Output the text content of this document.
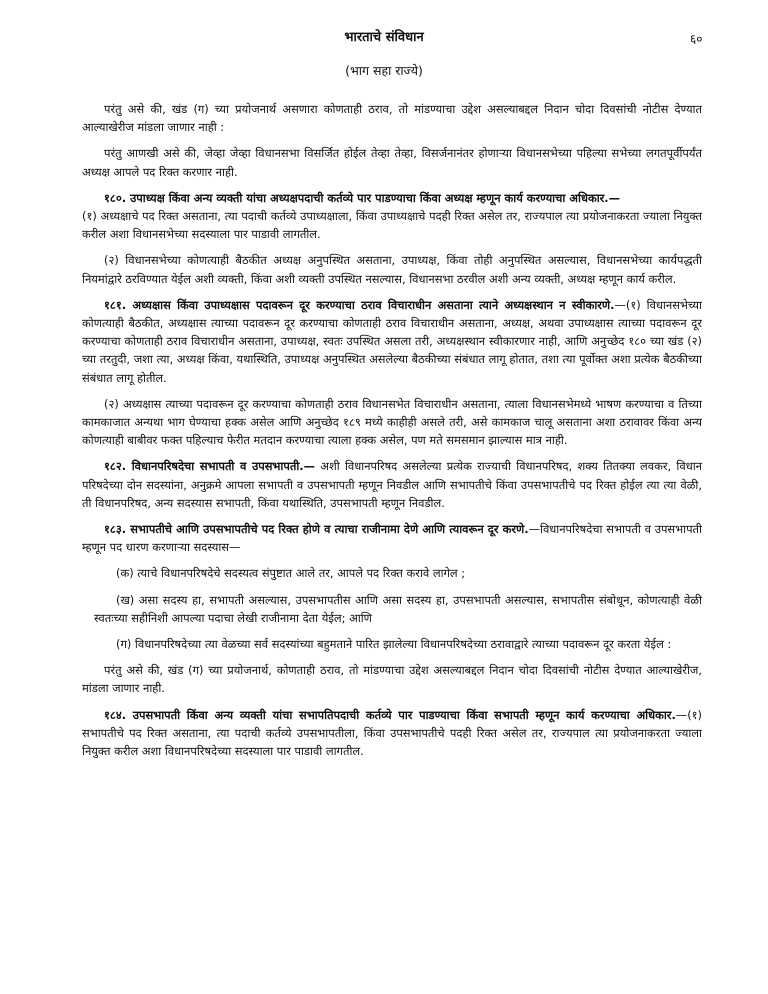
भारताचे संविधान	६०
(भाग सहा राज्ये)

परंतु असे की, खंड (ग) च्या प्रयोजनार्थ असणारा कोणताही ठराव, तो मांडण्याचा उद्देश असल्याबद्दल निदान चोदा दिवसांची नोटीस देण्यात आल्याखेरीज मांडला जाणार नाही :

परंतु आणखी असे की, जेव्हा जेव्हा विधानसभा विसर्जित होईल तेव्हा तेव्हा, विसर्जनानंतर होणाऱ्या विधानसभेच्या पहिल्या सभेच्या लगतपूर्वीपर्यंत अध्यक्ष आपले पद रिक्त करणार नाही.

१८०. उपाध्यक्ष किंवा अन्य व्यक्ती यांचा अध्यक्षपदाची कर्तव्ये पार पाडण्याचा किंवा अध्यक्ष म्हणून कार्य करण्याचा अधिकार.—
(१) अध्यक्षाचे पद रिक्त असताना, त्या पदाची कर्तव्ये उपाध्यक्षाला, किंवा उपाध्यक्षाचे पदही रिक्त असेल तर, राज्यपाल त्या प्रयोजनाकरता ज्याला नियुक्त करील अशा विधानसभेच्या सदस्याला पार पाडावी लागतील.

(२) विधानसभेच्या कोणत्याही बैठकीत अध्यक्ष अनुपस्थित असताना, उपाध्यक्ष, किंवा तोही अनुपस्थित असल्यास, विधानसभेच्या कार्यपद्धती नियमांद्वारे ठरविण्यात येईल अशी व्यक्ती, किंवा अशी व्यक्ती उपस्थित नसल्यास, विधानसभा ठरवील अशी अन्य व्यक्ती, अध्यक्ष म्हणून कार्य करील.

१८१. अध्यक्षास किंवा उपाध्यक्षास पदावरून दूर करण्याचा ठराव विचाराधीन असताना त्याने अध्यक्षस्थान न स्वीकारणे.—(१) विधानसभेच्या कोणत्याही बैठकीत, अध्यक्षास त्याच्या पदावरून दूर करण्याचा कोणताही ठराव विचाराधीन असताना, अध्यक्ष, अथवा उपाध्यक्षास त्याच्या पदावरून दूर करण्याचा कोणताही ठराव विचाराधीन असताना, उपाध्यक्ष, स्वतः उपस्थित असला तरी, अध्यक्षस्थान स्वीकारणार नाही, आणि अनुच्छेद १८० च्या खंड (२) च्या तरतुदी, जशा त्या, अध्यक्ष किंवा, यथास्थिति, उपाध्यक्ष अनुपस्थित असलेल्या बैठकीच्या संबंधात लागू होतात, तशा त्या पूर्वोक्त अशा प्रत्येक बैठकीच्या संबंधात लागू होतील.

(२) अध्यक्षास त्याच्या पदावरून दूर करण्याचा कोणताही ठराव विधानसभेत विचाराधीन असताना, त्याला विधानसभेमध्ये भाषण करण्याचा व तिच्या कामकाजात अन्यथा भाग घेण्याचा हक्क असेल आणि अनुच्छेद १८९ मध्ये काहीही असले तरी, असे कामकाज चालू असताना अशा ठरावावर किंवा अन्य कोणत्याही बाबीवर फक्त पहिल्याच फेरीत मतदान करण्याचा त्याला हक्क असेल, पण मते समसमान झाल्यास मात्र नाही.

१८२. विधानपरिषदेचा सभापती व उपसभापती.— अशी विधानपरिषद असलेल्या प्रत्येक राज्याची विधानपरिषद, शक्य तितक्या लवकर, विधान परिषदेच्या दोन सदस्यांना, अनुक्रमे आपला सभापती व उपसभापती म्हणून निवडील आणि सभापतीचे किंवा उपसभापतीचे पद रिक्त होईल त्या त्या वेळी, ती विधानपरिषद, अन्य सदस्यास सभापती, किंवा यथास्थिति, उपसभापती म्हणून निवडील.

१८३. सभापतीचे आणि उपसभापतीचे पद रिक्त होणे व त्याचा राजीनामा देणे आणि त्यावरून दूर करणे.—विधानपरिषदेचा सभापती व उपसभापती म्हणून पद धारण करणाऱ्या सदस्यास—

(क) त्याचे विधानपरिषदेचे सदस्यत्व संपुष्टात आले तर, आपले पद रिक्त करावे लागेल ;

(ख) असा सदस्य हा, सभापती असल्यास, उपसभापतीस आणि असा सदस्य हा, उपसभापती असल्यास, सभापतीस संबोधून, कोणत्याही वेळी स्वतःच्या सहीनिशी आपल्या पदाचा लेखी राजीनामा देता येईल; आणि

(ग) विधानपरिषदेच्या त्या वेळच्या सर्व सदस्यांच्या बहुमताने पारित झालेल्या विधानपरिषदेच्या ठरावाद्वारे त्याच्या पदावरून दूर करता येईल :

परंतु असे की, खंड (ग) च्या प्रयोजनार्थ, कोणताही ठराव, तो मांडण्याचा उद्देश असल्याबद्दल निदान चोदा दिवसांची नोटीस देण्यात आल्याखेरीज, मांडला जाणार नाही.

१८४. उपसभापती किंवा अन्य व्यक्ती यांचा सभापतिपदाची कर्तव्ये पार पाडण्याचा किंवा सभापती म्हणून कार्य करण्याचा अधिकार.—(१) सभापतीचे पद रिक्त असताना, त्या पदाची कर्तव्ये उपसभापतीला, किंवा उपसभापतीचे पदही रिक्त असेल तर, राज्यपाल त्या प्रयोजनाकरता ज्याला नियुक्त करील अशा विधानपरिषदेच्या सदस्याला पार पाडावी लागतील.
